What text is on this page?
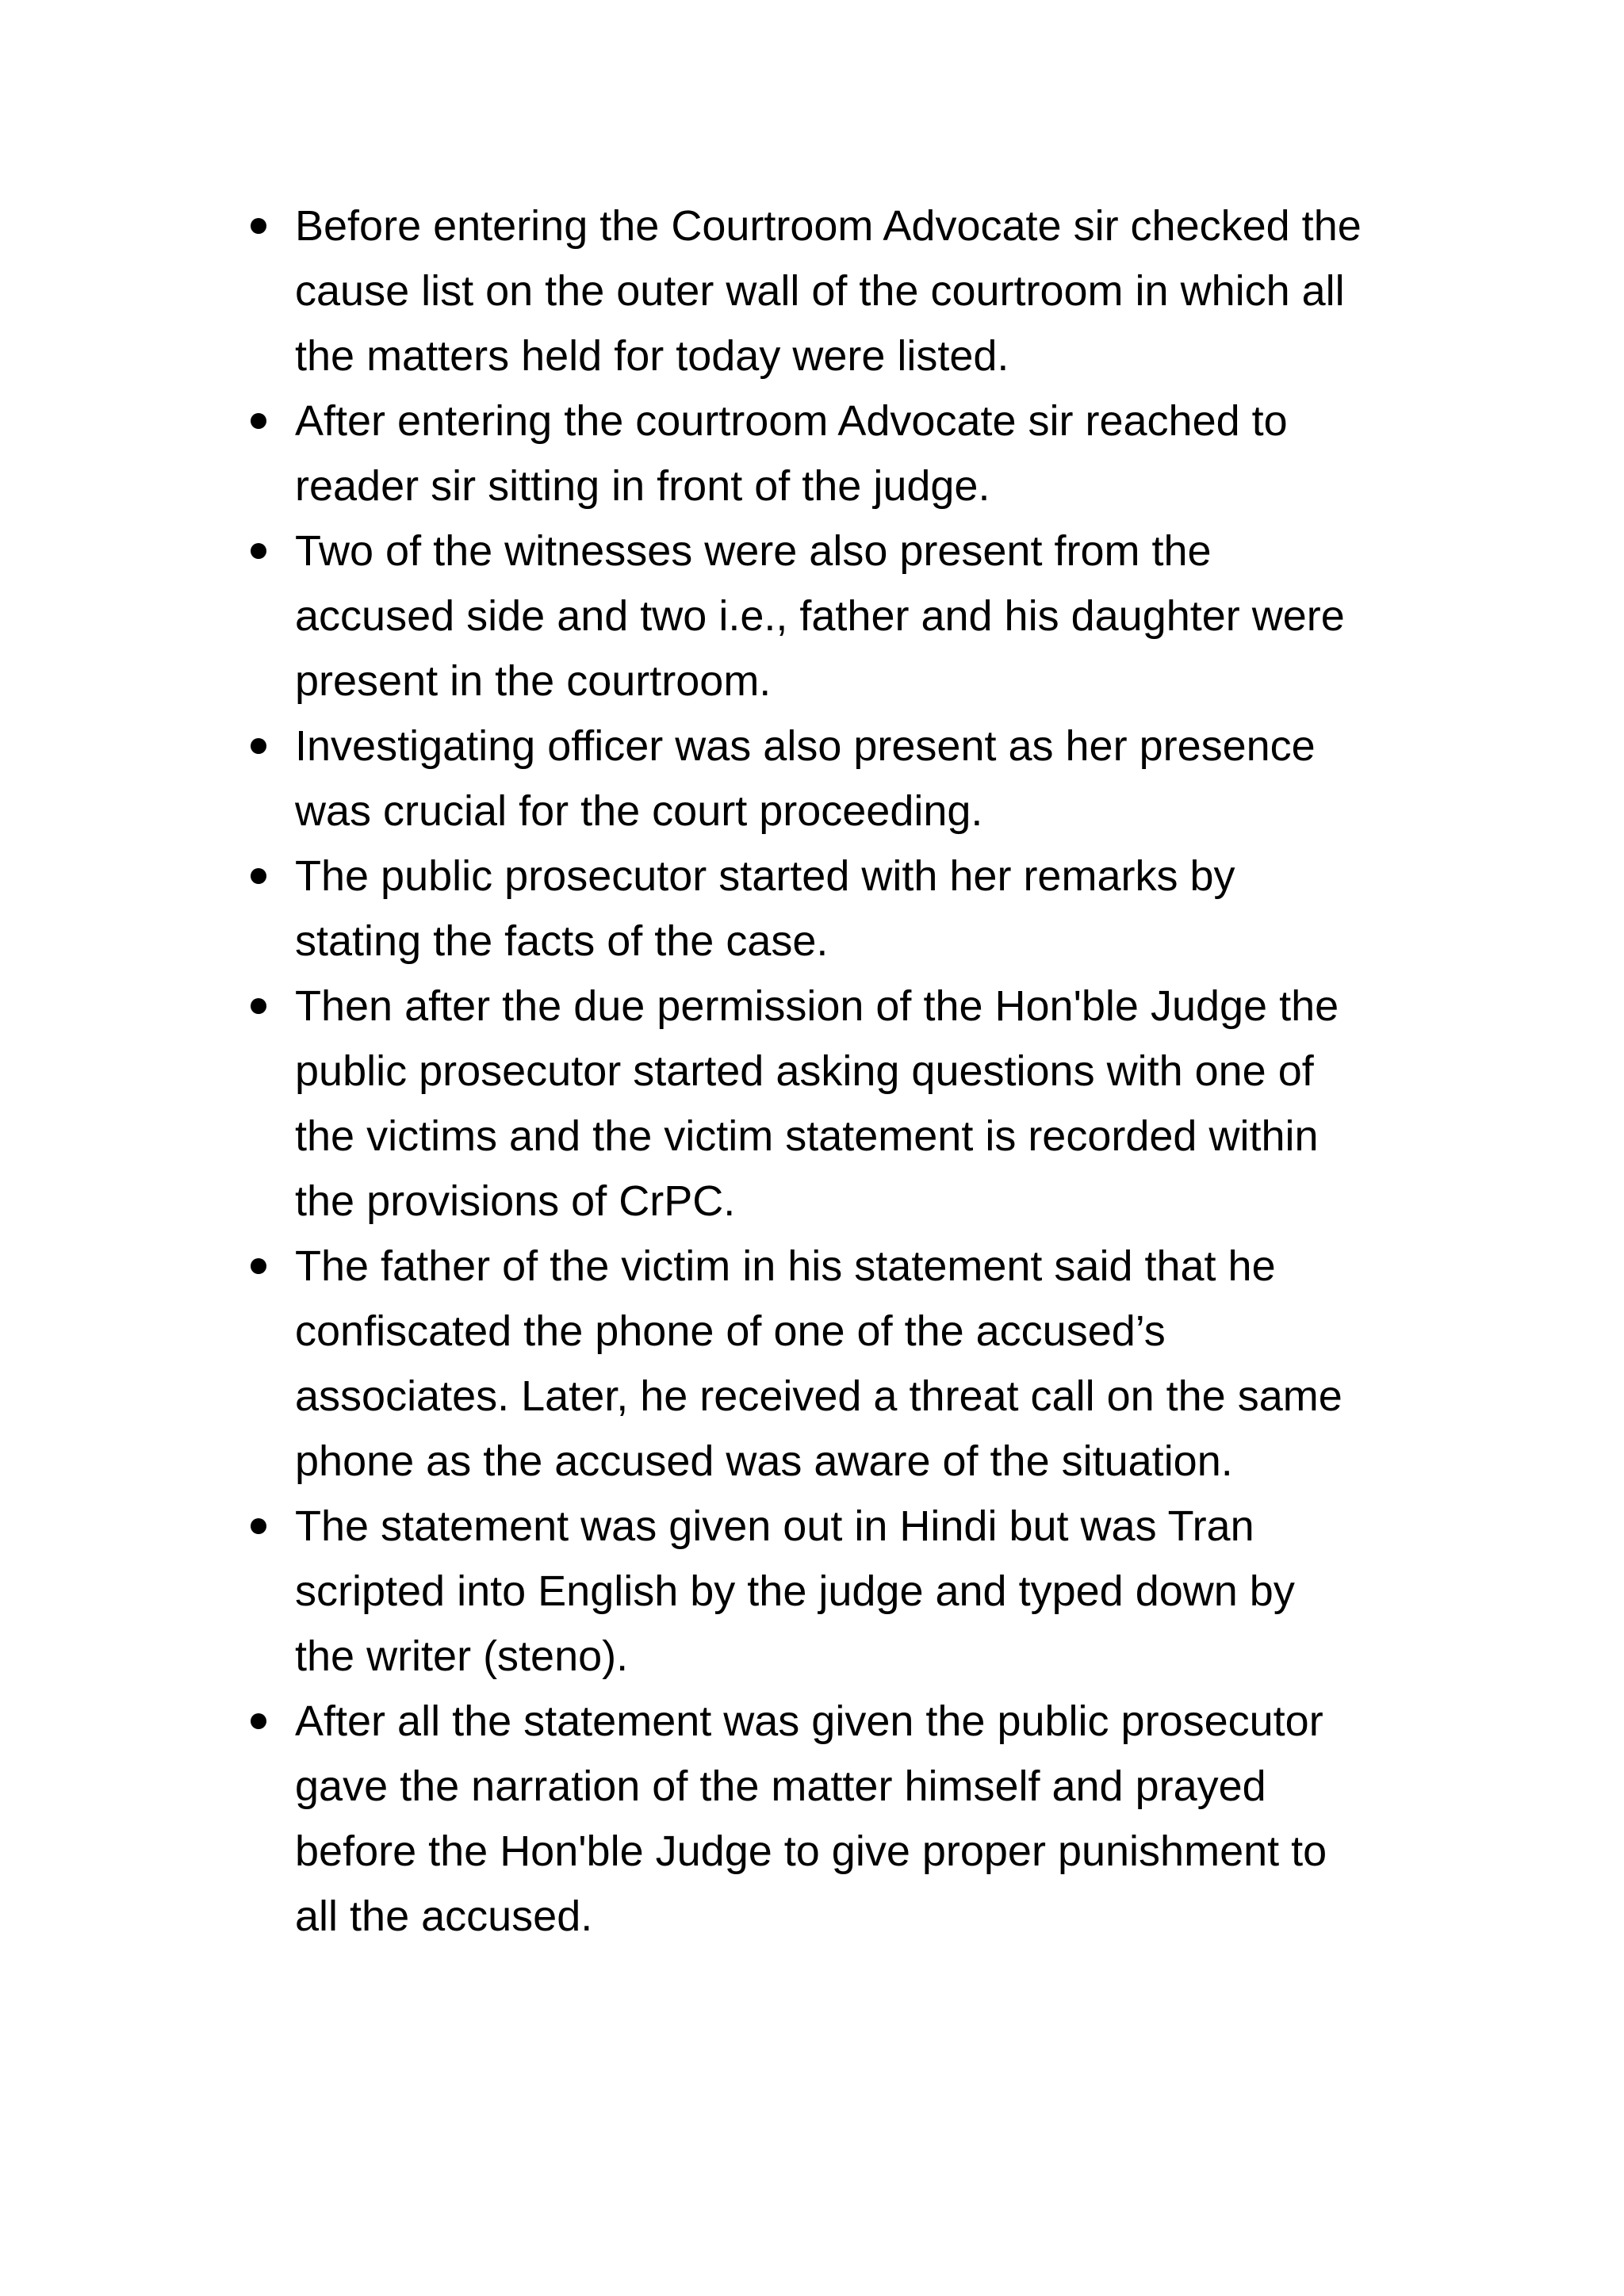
Before entering the Courtroom Advocate sir checked the
cause list on the outer wall of the courtroom in which all
the matters held for today were listed.
After entering the courtroom Advocate sir reached to
reader sir sitting in front of the judge.
Two of the witnesses were also present from the
accused side and two i.e., father and his daughter were
present in the courtroom.
Investigating officer was also present as her presence
was crucial for the court proceeding.
The public prosecutor started with her remarks by
stating the facts of the case.
Then after the due permission of the Hon'ble Judge the
public prosecutor started asking questions with one of
the victims and the victim statement is recorded within
the provisions of CrPC.
The father of the victim in his statement said that he
confiscated the phone of one of the accused’s
associates. Later, he received a threat call on the same
phone as the accused was aware of the situation.
The statement was given out in Hindi but was Tran
scripted into English by the judge and typed down by
the writer (steno).
After all the statement was given the public prosecutor
gave the narration of the matter himself and prayed
before the Hon'ble Judge to give proper punishment to
all the accused.
